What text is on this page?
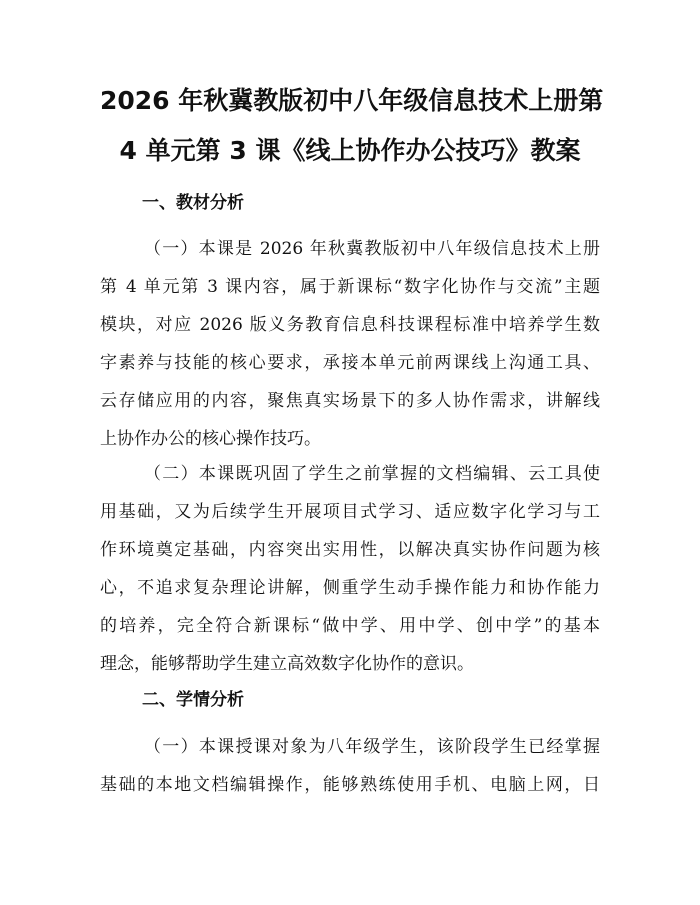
2026 年秋冀教版初中八年级信息技术上册第
4 单元第 3 课《线上协作办公技巧》教案
一、教材分析
（一）本课是 2026 年秋冀教版初中八年级信息技术上册
第 4 单元第 3 课内容，属于新课标“数字化协作与交流”主题
模块，对应 2026 版义务教育信息科技课程标准中培养学生数
字素养与技能的核心要求，承接本单元前两课线上沟通工具、
云存储应用的内容，聚焦真实场景下的多人协作需求，讲解线
上协作办公的核心操作技巧。
（二）本课既巩固了学生之前掌握的文档编辑、云工具使
用基础，又为后续学生开展项目式学习、适应数字化学习与工
作环境奠定基础，内容突出实用性，以解决真实协作问题为核
心，不追求复杂理论讲解，侧重学生动手操作能力和协作能力
的培养，完全符合新课标“做中学、用中学、创中学”的基本
理念，能够帮助学生建立高效数字化协作的意识。
二、学情分析
（一）本课授课对象为八年级学生，该阶段学生已经掌握
基础的本地文档编辑操作，能够熟练使用手机、电脑上网，日
